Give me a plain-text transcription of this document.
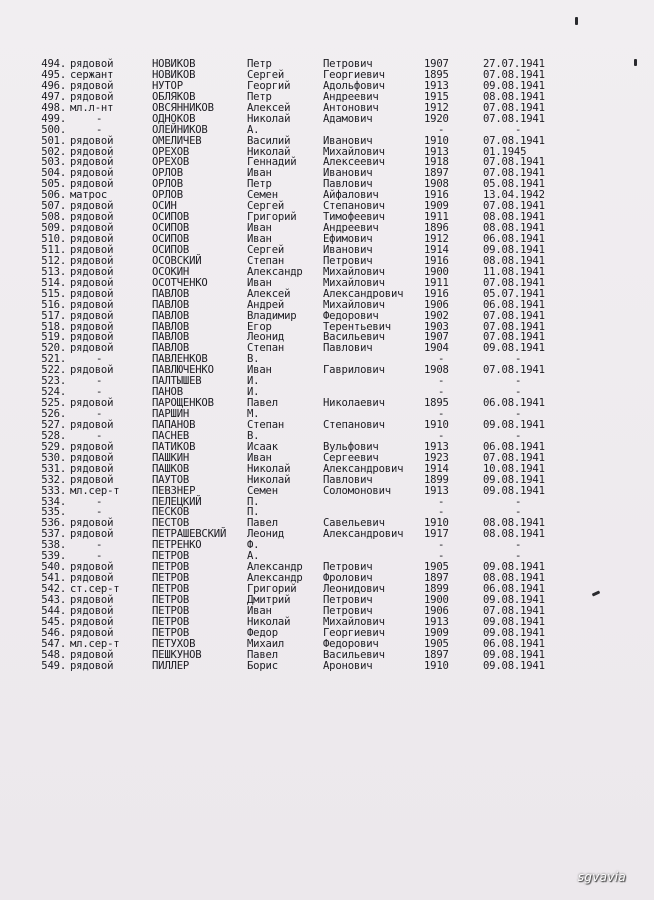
494. рядовой	НОВИКОВ	Петр	Петрович	1907	27.07.1941
495. сержант	НОВИКОВ	Сергей	Георгиевич	1895	07.08.1941
496. рядовой	НУТОР	Георгий	Адольфович	1913	09.08.1941
497. рядовой	ОБЛЯКОВ	Петр	Андреевич	1915	08.08.1941
498. мл.л-нт	ОВСЯННИКОВ	Алексей	Антонович	1912	07.08.1941
499.	-	ОДНОКОВ	Николай	Адамович	1920	07.08.1941
500.	-	ОЛЕЙНИКОВ	А.	-	-
501. рядовой	ОМЕЛИЧЕВ	Василий	Иванович	1910	07.08.1941
502. рядовой	ОРЕХОВ	Николай	Михайлович	1913	01.1945
503. рядовой	ОРЕХОВ	Геннадий	Алексеевич	1918	07.08.1941
504. рядовой	ОРЛОВ	Иван	Иванович	1897	07.08.1941
505. рядовой	ОРЛОВ	Петр	Павлович	1908	05.08.1941
506. матрос	ОРЛОВ	Семен	Айфалович	1916	13.04.1942
507. рядовой	ОСИН	Сергей	Степанович	1909	07.08.1941
508. рядовой	ОСИПОВ	Григорий	Тимофеевич	1911	08.08.1941
509. рядовой	ОСИПОВ	Иван	Андреевич	1896	08.08.1941
510. рядовой	ОСИПОВ	Иван	Ефимович	1912	06.08.1941
511. рядовой	ОСИПОВ	Сергей	Иванович	1914	09.08.1941
512. рядовой	ОСОВСКИЙ	Степан	Петрович	1916	08.08.1941
513. рядовой	ОСОКИН	Александр Михайлович	1900	11.08.1941
514. рядовой	ОСОТЧЕНКО	Иван	Михайлович	1911	07.08.1941
515. рядовой	ПАВЛОВ	Алексей	Александрович 1916	05.07.1941
516. рядовой	ПАВЛОВ	Андрей	Михайлович	1906	06.08.1941
517. рядовой	ПАВЛОВ	Владимир	Федорович	1902	07.08.1941
518. рядовой	ПАВЛОВ	Егор	Терентьевич	1903	07.08.1941
519. рядовой	ПАВЛОВ	Леонид	Васильевич	1907	07.08.1941
520. рядовой	ПАВЛОВ	Степан	Павлович	1904	09.08.1941
521.	-	ПАВЛЕНКОВ	В.	-	-
522. рядовой	ПАВЛЮЧЕНКО	Иван	Гаврилович	1908	07.08.1941
523.	-	ПАЛТЫШЕВ	И.	-	-
524.	-	ПАНОВ	И.	-	-
525. рядовой	ПАРОЩЕНКОВ	Павел	Николаевич	1895	06.08.1941
526.	-	ПАРШИН	М.	-	-
527. рядовой	ПАПАНОВ	Степан	Степанович	1910	09.08.1941
528.	-	ПАСНЕВ	В.	-	-
529. рядовой	ПАТИКОВ	Исаак	Вульфович	1913	06.08.1941
530. рядовой	ПАШКИН	Иван	Сергеевич	1923	07.08.1941
531. рядовой	ПАШКОВ	Николай	Александрович 1914	10.08.1941
532. рядовой	ПАУТОВ	Николай	Павлович	1899	09.08.1941
533. мл.сер-т	ПЕВЗНЕР	Семен	Соломонович	1913	09.08.1941
534.	-	ПЕЛЕЦКИЙ	П.	-	-
535.	-	ПЕСКОВ	П.	-	-
536. рядовой	ПЕСТОВ	Павел	Савельевич	1910	08.08.1941
537. рядовой	ПЕТРАШЕВСКИЙ Леонид	Александрович 1917	08.08.1941
538.	-	ПЕТРЕНКО	Ф.	-	-
539.	-	ПЕТРОВ	А.	-	-
540. рядовой	ПЕТРОВ	Александр Петрович	1905	09.08.1941
541. рядовой	ПЕТРОВ	Александр Фролович	1897	08.08.1941
542. ст.сер-т	ПЕТРОВ	Григорий	Леонидович	1899	06.08.1941
543. рядовой	ПЕТРОВ	Дмитрий	Петрович	1900	09.08.1941
544. рядовой	ПЕТРОВ	Иван	Петрович	1906	07.08.1941
545. рядовой	ПЕТРОВ	Николай	Михайлович	1913	09.08.1941
546. рядовой	ПЕТРОВ	Федор	Георгиевич	1909	09.08.1941
547. мл.сер-т	ПЕТУХОВ	Михаил	Федорович	1905	06.08.1941
548. рядовой	ПЕШКУНОВ	Павел	Васильевич	1897	09.08.1941
549. рядовой	ПИЛЛЕР	Борис	Аронович	1910	09.08.1941
sgvavia
